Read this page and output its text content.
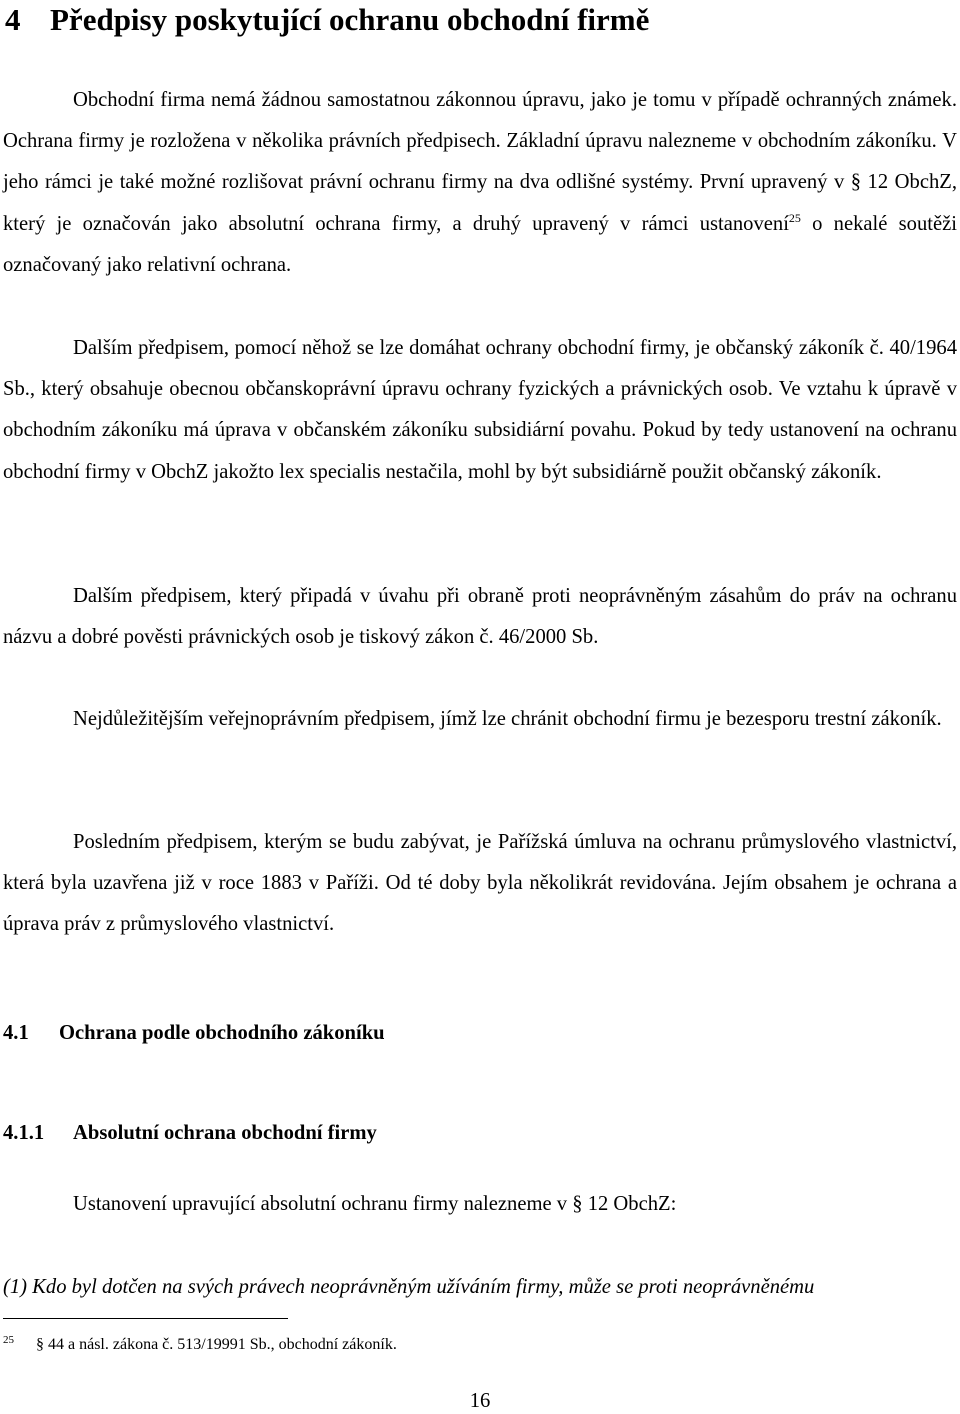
4 Předpisy poskytující ochranu obchodní firmě

Obchodní firma nemá žádnou samostatnou zákonnou úpravu, jako je tomu v případě ochranných známek. Ochrana firmy je rozložena v několika právních předpisech. Základní úpravu nalezneme v obchodním zákoníku. V jeho rámci je také možné rozlišovat právní ochranu firmy na dva odlišné systémy. První upravený v § 12 ObchZ, který je označován jako absolutní ochrana firmy, a druhý upravený v rámci ustanovení$^{25}$ o nekalé soutěži označovaný jako relativní ochrana.

Dalším předpisem, pomocí něhož se lze domáhat ochrany obchodní firmy, je občanský zákoník č. 40/1964 Sb., který obsahuje obecnou občanskoprávní úpravu ochrany fyzických a právnických osob. Ve vztahu k úpravě v obchodním zákoníku má úprava v občanském zákoníku subsidiární povahu. Pokud by tedy ustanovení na ochranu obchodní firmy v ObchZ jakožto lex specialis nestačila, mohl by být subsidiárně použit občanský zákoník.

Dalším předpisem, který připadá v úvahu při obraně proti neoprávněným zásahům do práv na ochranu názvu a dobré pověsti právnických osob je tiskový zákon č. 46/2000 Sb.

Nejdůležitějším veřejnoprávním předpisem, jímž lze chránit obchodní firmu je bezesporu trestní zákoník.

Posledním předpisem, kterým se budu zabývat, je Pařížská úmluva na ochranu průmyslového vlastnictví, která byla uzavřena již v roce 1883 v Paříži. Od té doby byla několikrát revidována. Jejím obsahem je ochrana a úprava práv z průmyslového vlastnictví.

4.1 Ochrana podle obchodního zákoníku
4.1.1 Absolutní ochrana obchodní firmy

Ustanovení upravující absolutní ochranu firmy nalezneme v § 12 ObchZ:

(1) Kdo byl dotčen na svých právech neoprávněným užíváním firmy, může se proti neoprávněnému
25 § 44 a násl. zákona č. 513/19991 Sb., obchodní zákoník.
16
